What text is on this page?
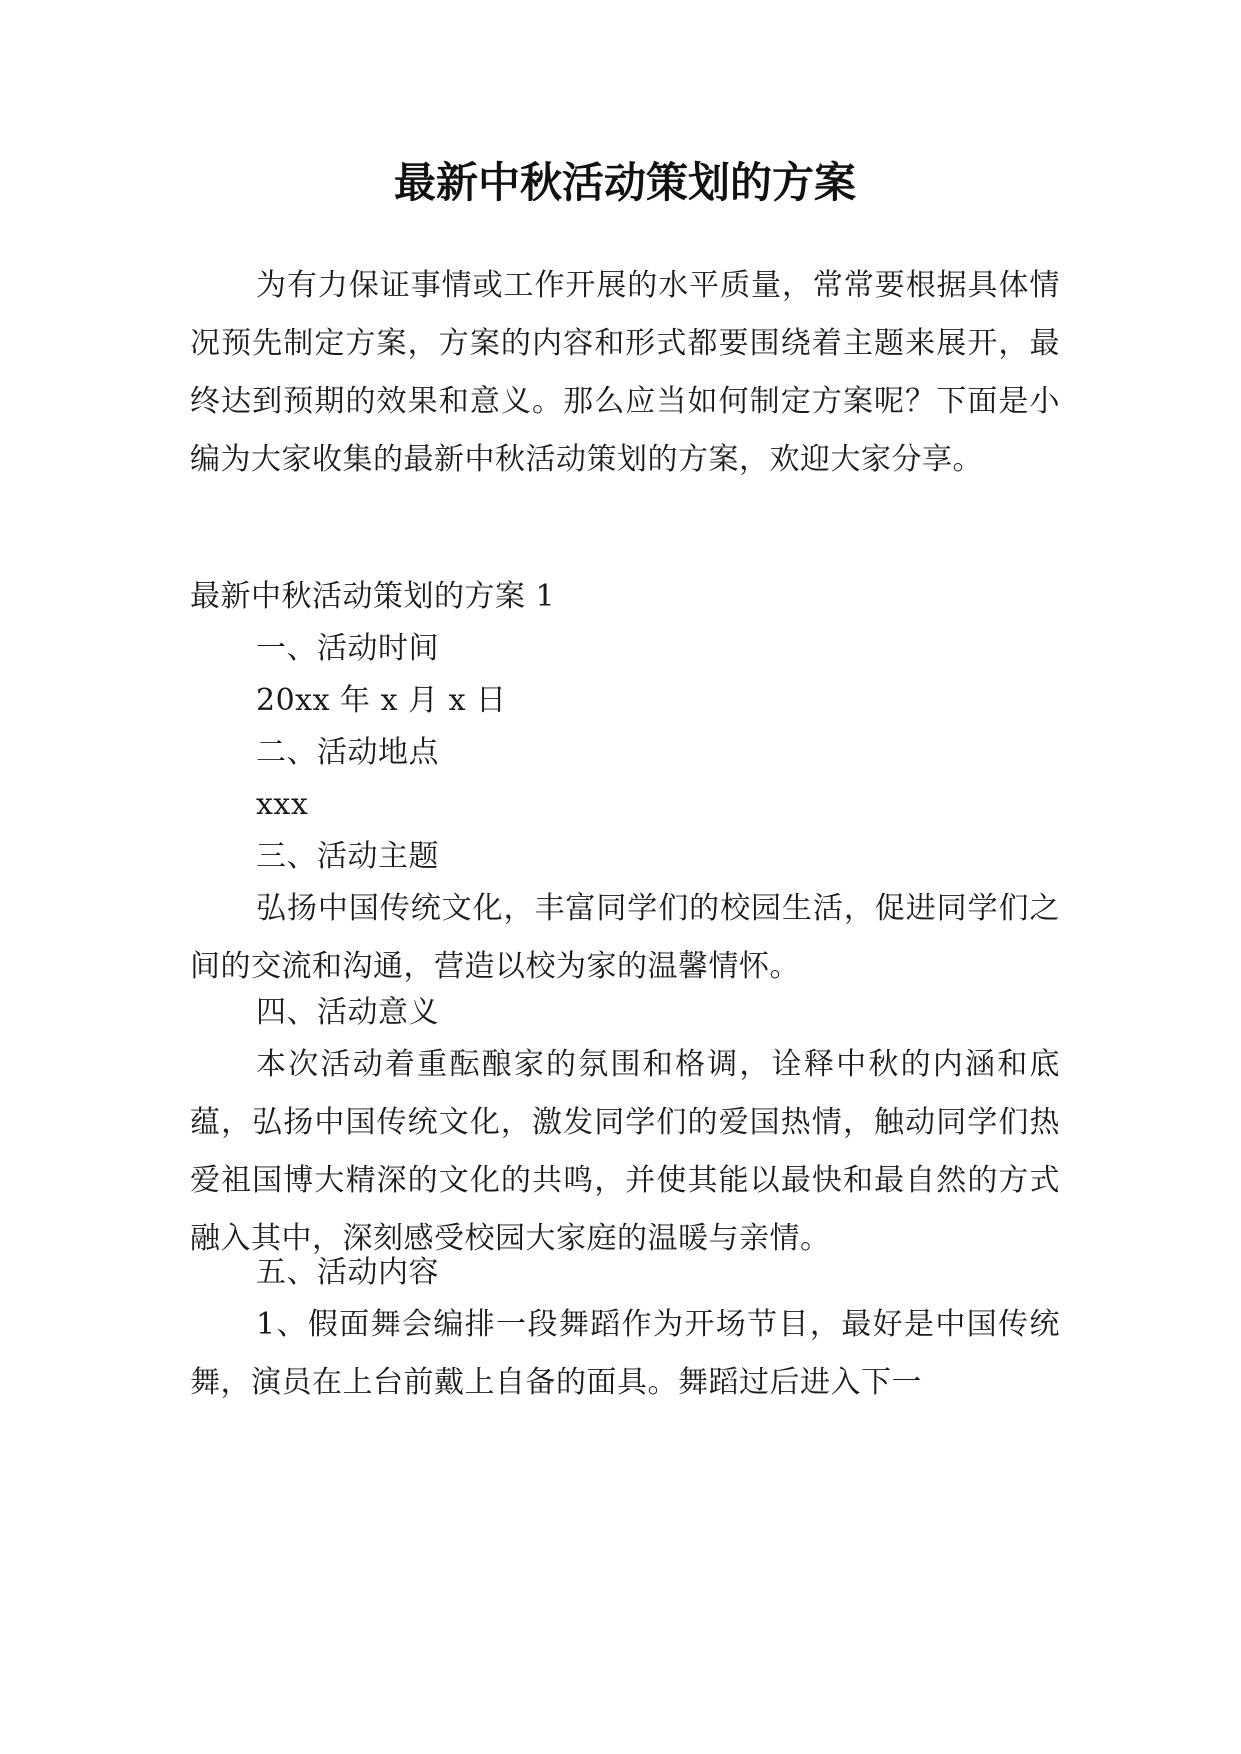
最新中秋活动策划的方案

为有力保证事情或工作开展的水平质量，常常要根据具体情况预先制定方案，方案的内容和形式都要围绕着主题来展开，最终达到预期的效果和意义。那么应当如何制定方案呢？下面是小编为大家收集的最新中秋活动策划的方案，欢迎大家分享。

最新中秋活动策划的方案 1

一、活动时间

20xx 年 x 月 x 日

二、活动地点

xxx

三、活动主题

弘扬中国传统文化，丰富同学们的校园生活，促进同学们之间的交流和沟通，营造以校为家的温馨情怀。

四、活动意义

本次活动着重酝酿家的氛围和格调，诠释中秋的内涵和底蕴，弘扬中国传统文化，激发同学们的爱国热情，触动同学们热爱祖国博大精深的文化的共鸣，并使其能以最快和最自然的方式融入其中，深刻感受校园大家庭的温暖与亲情。

五、活动内容

1、假面舞会编排一段舞蹈作为开场节目，最好是中国传统舞，演员在上台前戴上自备的面具。舞蹈过后进入下一
